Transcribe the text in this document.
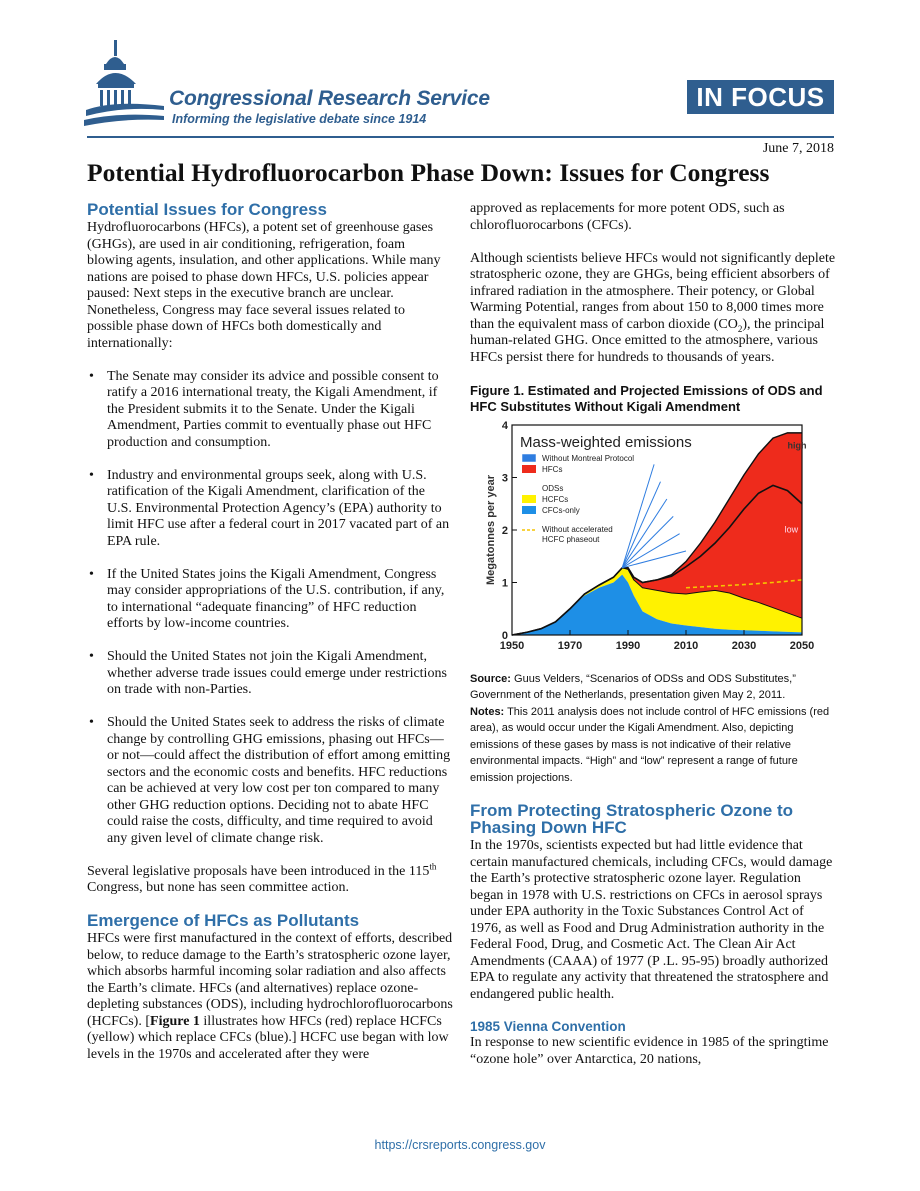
Congressional Research Service
Informing the legislative debate since 1914
IN FOCUS
June 7, 2018
Potential Hydrofluorocarbon Phase Down: Issues for Congress
Potential Issues for Congress

Hydrofluorocarbons (HFCs), a potent set of greenhouse gases (GHGs), are used in air conditioning, refrigeration, foam blowing agents, insulation, and other applications. While many nations are poised to phase down HFCs, U.S. policies appear paused: Next steps in the executive branch are unclear. Nonetheless, Congress may face several issues related to possible phase down of HFCs both domestically and internationally:

• The Senate may consider its advice and possible consent to ratify a 2016 international treaty, the Kigali Amendment, if the President submits it to the Senate. Under the Kigali Amendment, Parties commit to eventually phase out HFC production and consumption.
• Industry and environmental groups seek, along with U.S. ratification of the Kigali Amendment, clarification of the U.S. Environmental Protection Agency’s (EPA) authority to limit HFC use after a federal court in 2017 vacated part of an EPA rule.
• If the United States joins the Kigali Amendment, Congress may consider appropriations of the U.S. contribution, if any, to international “adequate financing” of HFC reduction efforts by low-income countries.
• Should the United States not join the Kigali Amendment, whether adverse trade issues could emerge under restrictions on trade with non-Parties.
• Should the United States seek to address the risks of climate change by controlling GHG emissions, phasing out HFCs—or not—could affect the distribution of effort among emitting sectors and the economic costs and benefits. HFC reductions can be achieved at very low cost per ton compared to many other GHG reduction options. Deciding not to abate HFC could raise the costs, difficulty, and time required to avoid any given level of climate change risk.

Several legislative proposals have been introduced in the 115th Congress, but none has seen committee action.

Emergence of HFCs as Pollutants

HFCs were first manufactured in the context of efforts, described below, to reduce damage to the Earth’s stratospheric ozone layer, which absorbs harmful incoming solar radiation and also affects the Earth’s climate. HFCs (and alternatives) replace ozone-depleting substances (ODS), including hydrochlorofluorocarbons (HCFCs). [Figure 1 illustrates how HFCs (red) replace HCFCs (yellow) which replace CFCs (blue).] HCFC use began with low levels in the 1970s and accelerated after they were

approved as replacements for more potent ODS, such as chlorofluorocarbons (CFCs).

Although scientists believe HFCs would not significantly deplete stratospheric ozone, they are GHGs, being efficient absorbers of infrared radiation in the atmosphere. Their potency, or Global Warming Potential, ranges from about 150 to 8,000 times more than the equivalent mass of carbon dioxide $(CO_2)$, the principal human-related GHG. Once emitted to the atmosphere, various HFCs persist there for hundreds to thousands of years.

Figure 1. Estimated and Projected Emissions of ODS and HFC Substitutes Without Kigali Amendment
1950	1970	1990	2010	2030	2050
0
1
2
3
4
Megatonnes per year
Mass-weighted emissions
Without Montreal Protocol
HFCs
ODSs
HCFCs
CFCs-only
Without accelerated
HCFC phaseout
high
low
Source: Guus Velders, “Scenarios of ODSs and ODS Substitutes,” Government of the Netherlands, presentation given May 2, 2011.
Notes: This 2011 analysis does not include control of HFC emissions (red area), as would occur under the Kigali Amendment. Also, depicting emissions of these gases by mass is not indicative of their relative environmental impacts. “High” and “low” represent a range of future emission projections.
From Protecting Stratospheric Ozone to Phasing Down HFC

In the 1970s, scientists expected but had little evidence that certain manufactured chemicals, including CFCs, would damage the Earth’s protective stratospheric ozone layer. Regulation began in 1978 with U.S. restrictions on CFCs in aerosol sprays under EPA authority in the Toxic Substances Control Act of 1976, as well as Food and Drug Administration authority in the Federal Food, Drug, and Cosmetic Act. The Clean Air Act Amendments (CAAA) of 1977 (P .L. 95-95) broadly authorized EPA to regulate any activity that threatened the stratosphere and endangered public health.

1985 Vienna Convention

In response to new scientific evidence in 1985 of the springtime “ozone hole” over Antarctica, 20 nations,

https://crsreports.congress.gov
